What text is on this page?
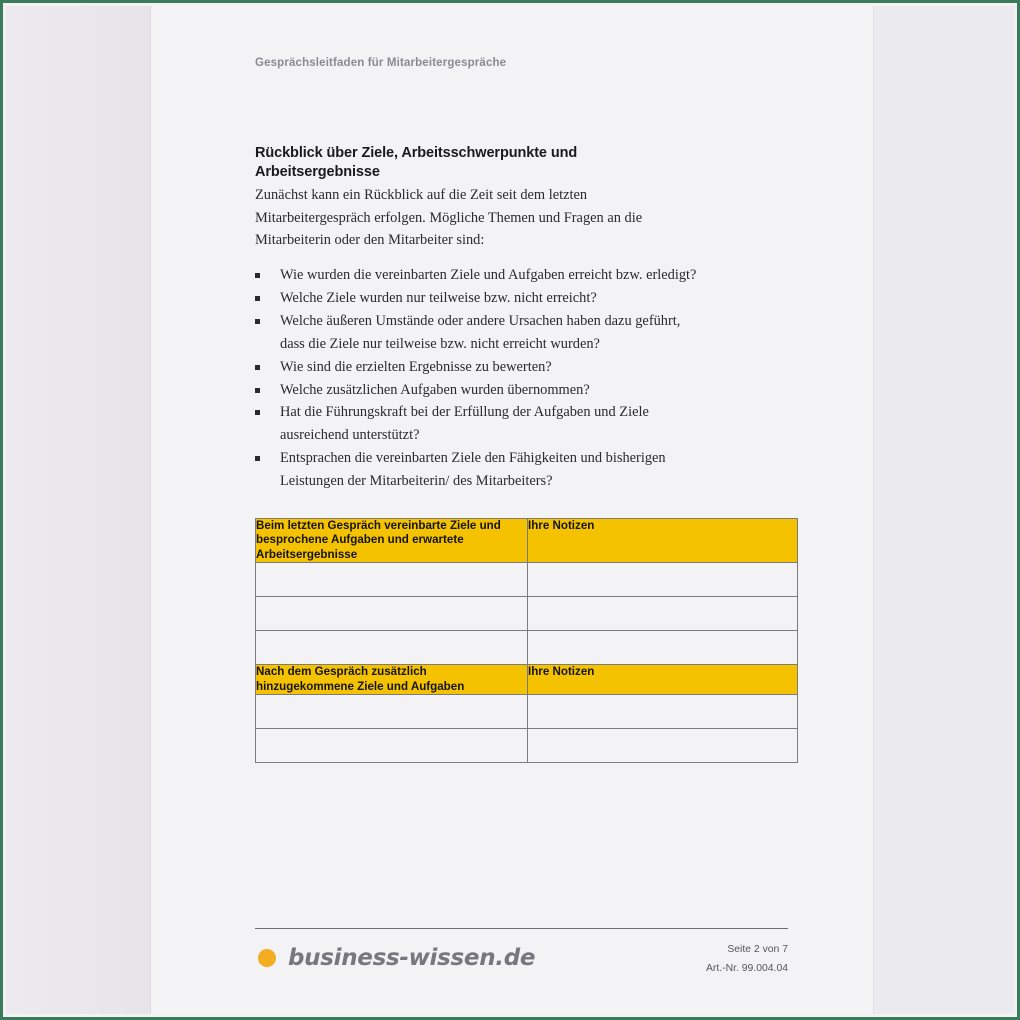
Gesprächsleitfaden für Mitarbeitergespräche
Rückblick über Ziele, Arbeitsschwerpunkte und Arbeitsergebnisse
Zunächst kann ein Rückblick auf die Zeit seit dem letzten
Mitarbeitergespräch erfolgen. Mögliche Themen und Fragen an die
Mitarbeiterin oder den Mitarbeiter sind:
Wie wurden die vereinbarten Ziele und Aufgaben erreicht bzw. erledigt?
Welche Ziele wurden nur teilweise bzw. nicht erreicht?
Welche äußeren Umstände oder andere Ursachen haben dazu geführt,
dass die Ziele nur teilweise bzw. nicht erreicht wurden?
Wie sind die erzielten Ergebnisse zu bewerten?
Welche zusätzlichen Aufgaben wurden übernommen?
Hat die Führungskraft bei der Erfüllung der Aufgaben und Ziele
ausreichend unterstützt?
Entsprachen die vereinbarten Ziele den Fähigkeiten und bisherigen
Leistungen der Mitarbeiterin/ des Mitarbeiters?
Beim letzten Gespräch vereinbarte Ziele und besprochene Aufgaben und erwartete Arbeitsergebnisse	Ihre Notizen

Nach dem Gespräch zusätzlich hinzugekommene Ziele und Aufgaben	Ihre Notizen

business-wissen.de	Seite 2 von 7
Art.-Nr. 99.004.04
